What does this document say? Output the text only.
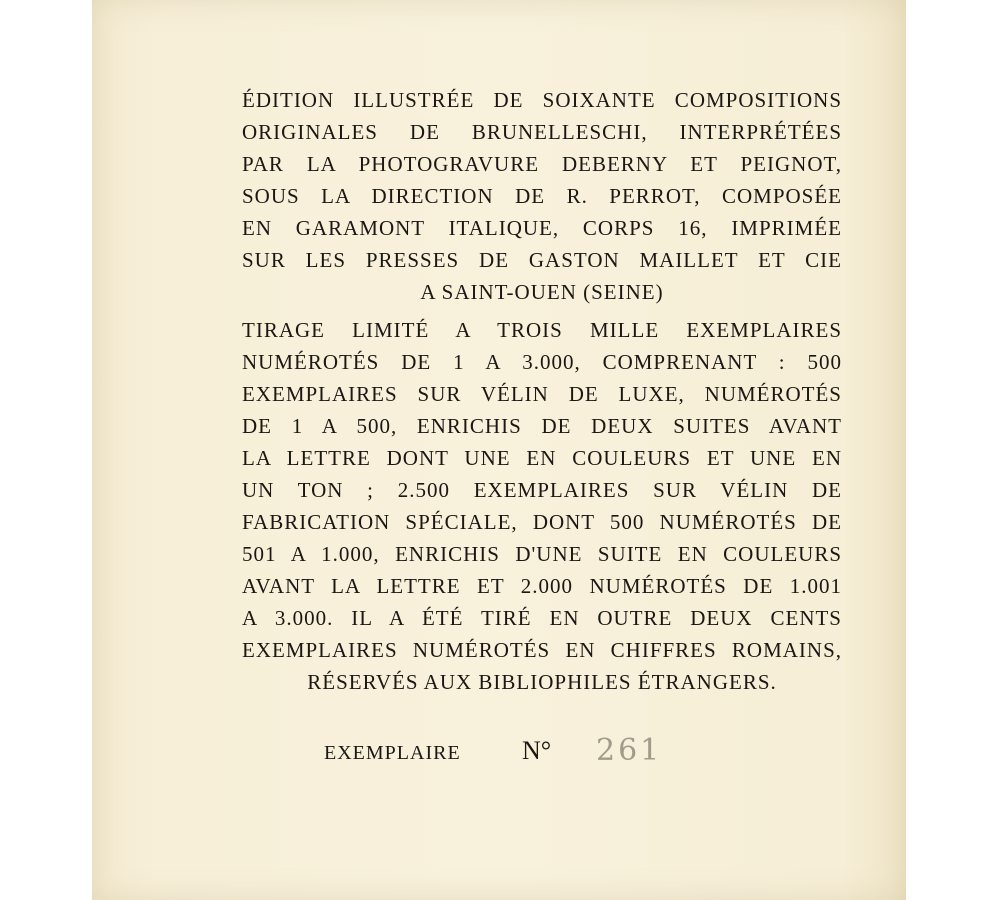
ÉDITION ILLUSTRÉE DE SOIXANTE COMPOSITIONS
ORIGINALES DE BRUNELLESCHI, INTERPRÉTÉES
PAR LA PHOTOGRAVURE DEBERNY ET PEIGNOT,
SOUS LA DIRECTION DE R. PERROT, COMPOSÉE
EN GARAMONT ITALIQUE, CORPS 16, IMPRIMÉE
SUR LES PRESSES DE GASTON MAILLET ET CIE
A SAINT-OUEN (SEINE)
TIRAGE LIMITÉ A TROIS MILLE EXEMPLAIRES
NUMÉROTÉS DE 1 A 3.000, COMPRENANT : 500
EXEMPLAIRES SUR VÉLIN DE LUXE, NUMÉROTÉS
DE 1 A 500, ENRICHIS DE DEUX SUITES AVANT
LA LETTRE DONT UNE EN COULEURS ET UNE EN
UN TON ; 2.500 EXEMPLAIRES SUR VÉLIN DE
FABRICATION SPÉCIALE, DONT 500 NUMÉROTÉS DE
501 A 1.000, ENRICHIS D'UNE SUITE EN COULEURS
AVANT LA LETTRE ET 2.000 NUMÉROTÉS DE 1.001
A 3.000. IL A ÉTÉ TIRÉ EN OUTRE DEUX CENTS
EXEMPLAIRES NUMÉROTÉS EN CHIFFRES ROMAINS,
RÉSERVÉS AUX BIBLIOPHILES ÉTRANGERS.
EXEMPLAIRE N° 261
